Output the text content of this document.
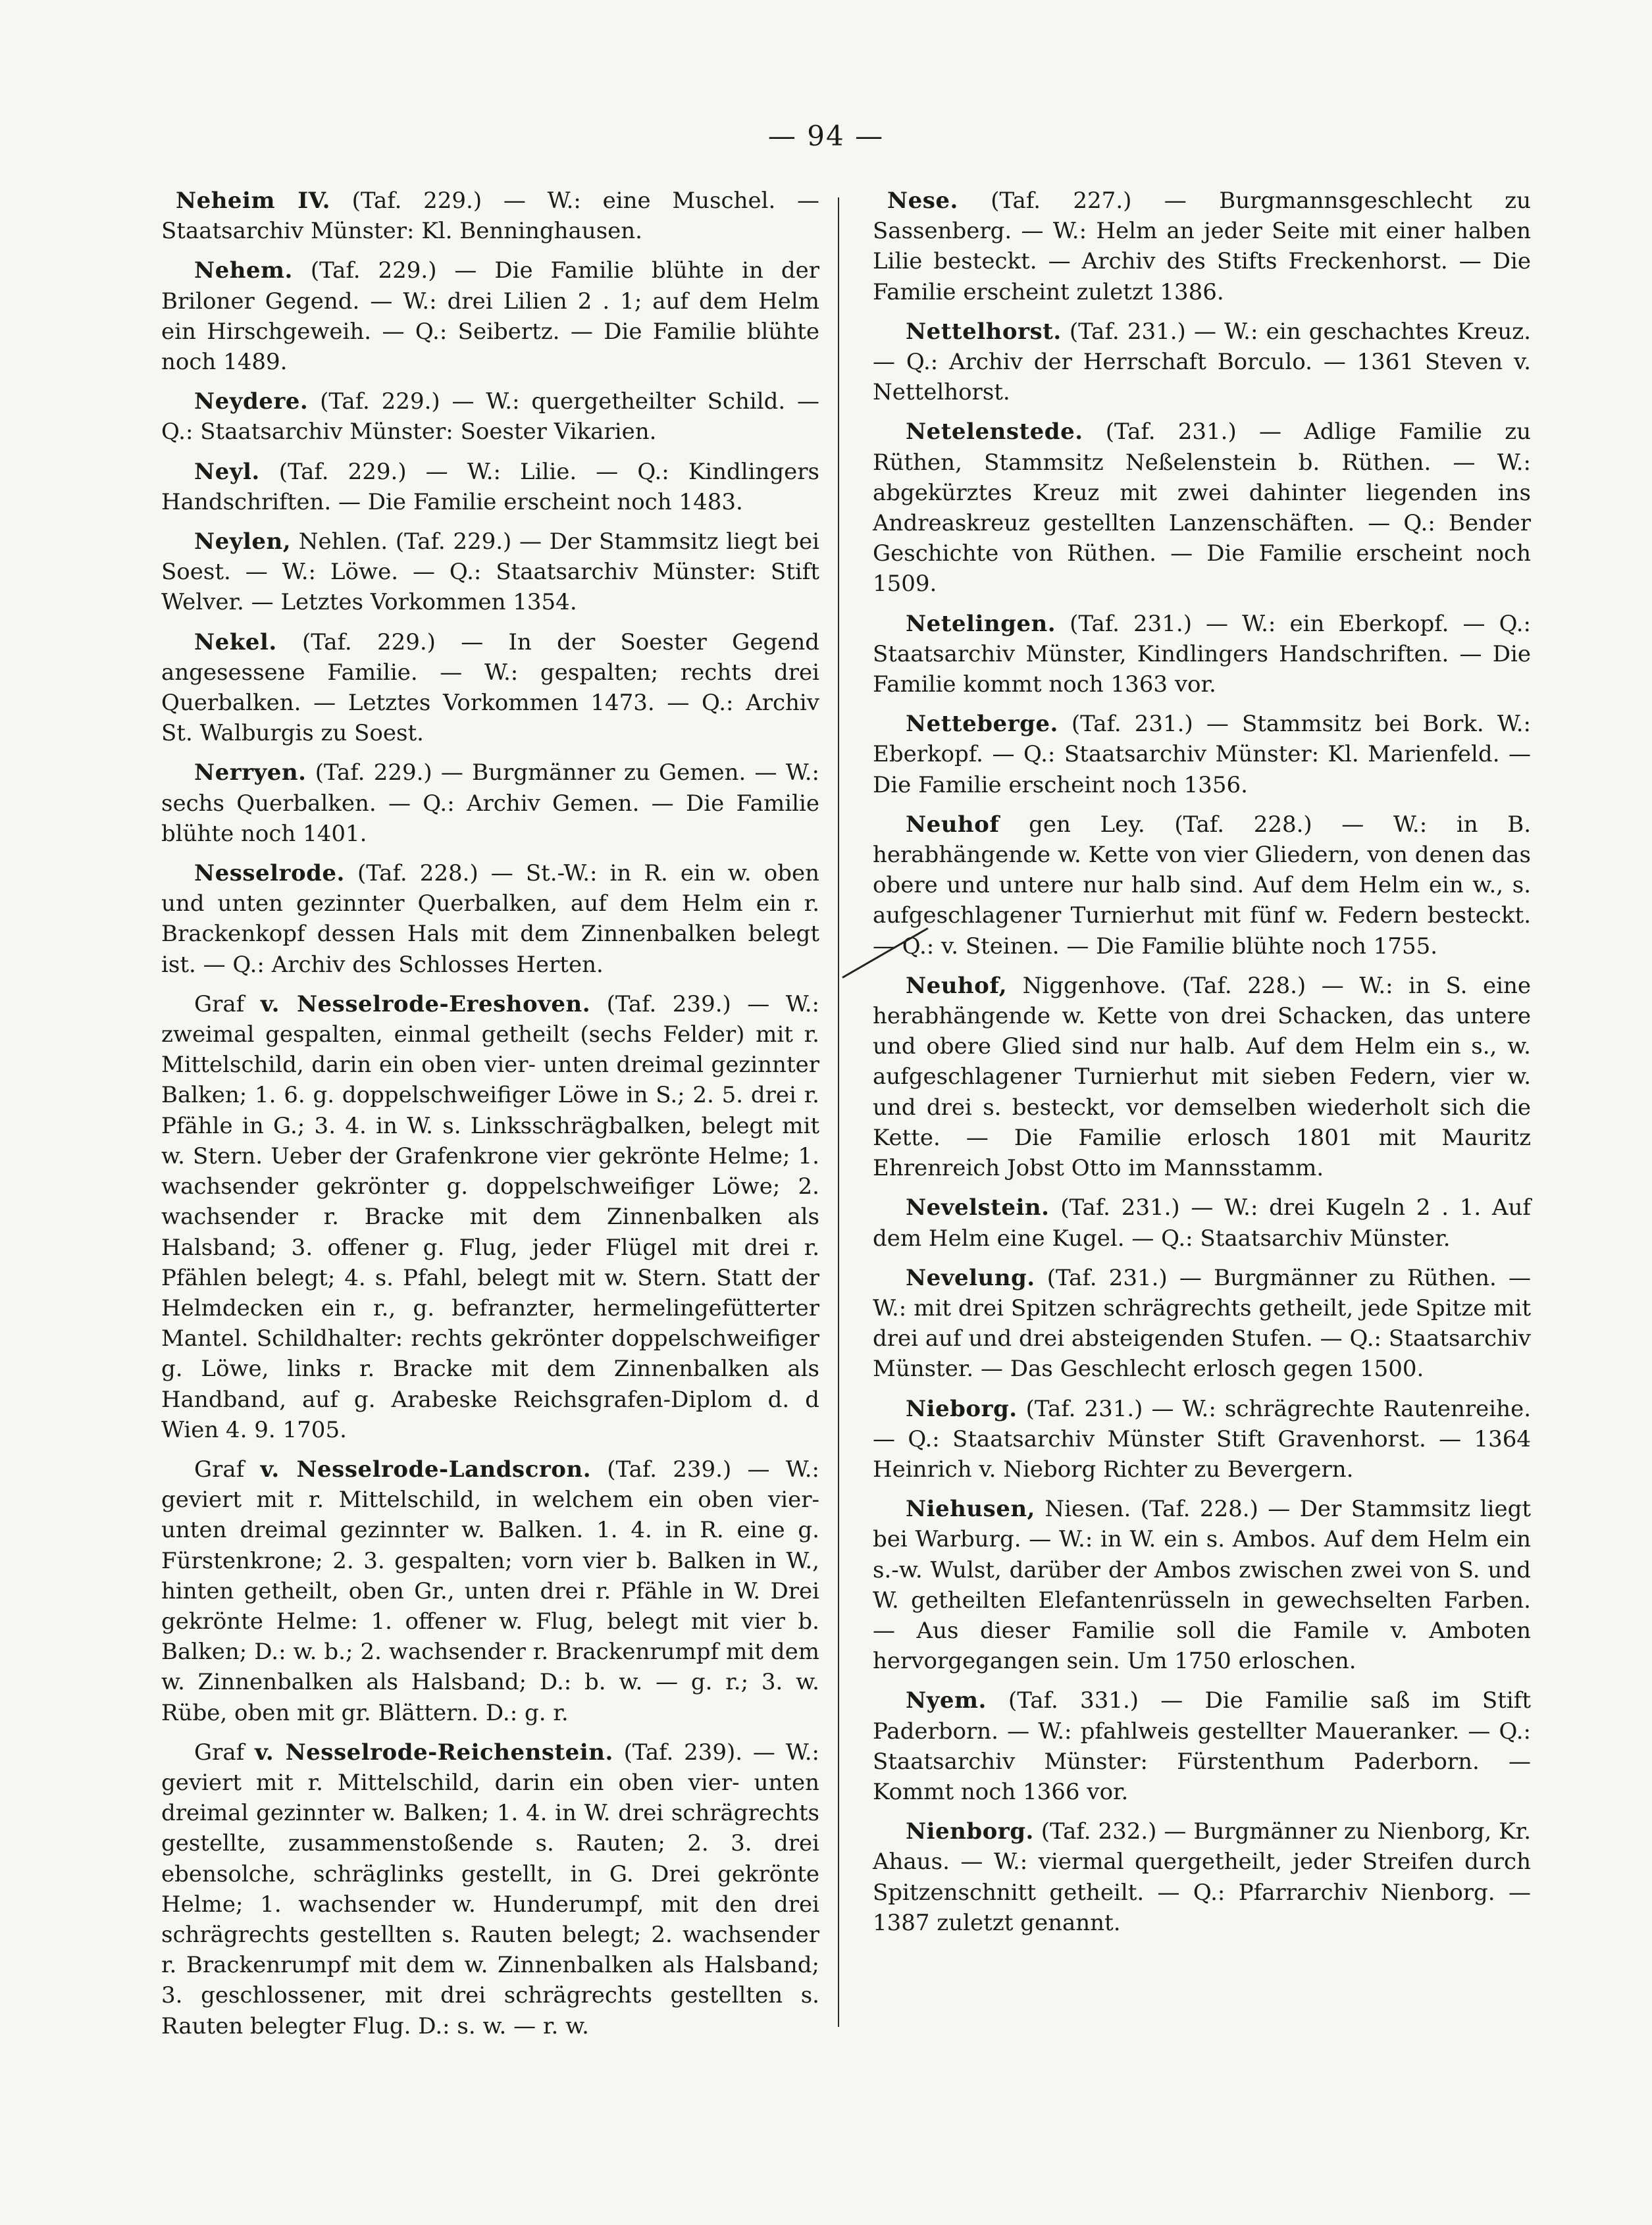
— 94 —

Neheim IV. (Taf. 229.) — W.: eine Muschel. — Staatsarchiv Münster: Kl. Benninghausen.

Nehem. (Taf. 229.) — Die Familie blühte in der Briloner Gegend. — W.: drei Lilien 2 . 1; auf dem Helm ein Hirschgeweih. — Q.: Seibertz. — Die Familie blühte noch 1489.

Neydere. (Taf. 229.) — W.: quergetheilter Schild. — Q.: Staatsarchiv Münster: Soester Vikarien.

Neyl. (Taf. 229.) — W.: Lilie. — Q.: Kindlingers Handschriften. — Die Familie erscheint noch 1483.

Neylen, Nehlen. (Taf. 229.) — Der Stammsitz liegt bei Soest. — W.: Löwe. — Q.: Staatsarchiv Münster: Stift Welver. — Letztes Vorkommen 1354.

Nekel. (Taf. 229.) — In der Soester Gegend angesessene Familie. — W.: gespalten; rechts drei Querbalken. — Letztes Vorkommen 1473. — Q.: Archiv St. Walburgis zu Soest.

Nerryen. (Taf. 229.) — Burgmänner zu Gemen. — W.: sechs Querbalken. — Q.: Archiv Gemen. — Die Familie blühte noch 1401.

Nesselrode. (Taf. 228.) — St.-W.: in R. ein w. oben und unten gezinnter Querbalken, auf dem Helm ein r. Brackenkopf dessen Hals mit dem Zinnenbalken belegt ist. — Q.: Archiv des Schlosses Herten.

Graf v. Nesselrode-Ereshoven. (Taf. 239.) — W.: zweimal gespalten, einmal getheilt (sechs Felder) mit r. Mittelschild, darin ein oben vier- unten dreimal gezinnter Balken; 1. 6. g. doppelschweifiger Löwe in S.; 2. 5. drei r. Pfähle in G.; 3. 4. in W. s. Linksschrägbalken, belegt mit w. Stern. Ueber der Grafenkrone vier gekrönte Helme; 1. wachsender gekrönter g. doppelschweifiger Löwe; 2. wachsender r. Bracke mit dem Zinnenbalken als Halsband; 3. offener g. Flug, jeder Flügel mit drei r. Pfählen belegt; 4. s. Pfahl, belegt mit w. Stern. Statt der Helmdecken ein r., g. befranzter, hermelingefütterter Mantel. Schildhalter: rechts gekrönter doppelschweifiger g. Löwe, links r. Bracke mit dem Zinnenbalken als Handband, auf g. Arabeske Reichsgrafen-Diplom d. d Wien 4. 9. 1705.

Graf v. Nesselrode-Landscron. (Taf. 239.) — W.: geviert mit r. Mittelschild, in welchem ein oben vier- unten dreimal gezinnter w. Balken. 1. 4. in R. eine g. Fürstenkrone; 2. 3. gespalten; vorn vier b. Balken in W., hinten getheilt, oben Gr., unten drei r. Pfähle in W. Drei gekrönte Helme: 1. offener w. Flug, belegt mit vier b. Balken; D.: w. b.; 2. wachsender r. Brackenrumpf mit dem w. Zinnenbalken als Halsband; D.: b. w. — g. r.; 3. w. Rübe, oben mit gr. Blättern. D.: g. r.

Graf v. Nesselrode-Reichenstein. (Taf. 239). — W.: geviert mit r. Mittelschild, darin ein oben vier- unten dreimal gezinnter w. Balken; 1. 4. in W. drei schrägrechts gestellte, zusammenstoßende s. Rauten; 2. 3. drei ebensolche, schräglinks gestellt, in G. Drei gekrönte Helme; 1. wachsender w. Hunderumpf, mit den drei schrägrechts gestellten s. Rauten belegt; 2. wachsender r. Brackenrumpf mit dem w. Zinnenbalken als Halsband; 3. geschlossener, mit drei schrägrechts gestellten s. Rauten belegter Flug. D.: s. w. — r. w.

Nese. (Taf. 227.) — Burgmannsgeschlecht zu Sassenberg. — W.: Helm an jeder Seite mit einer halben Lilie besteckt. — Archiv des Stifts Freckenhorst. — Die Familie erscheint zuletzt 1386.

Nettelhorst. (Taf. 231.) — W.: ein geschachtes Kreuz. — Q.: Archiv der Herrschaft Borculo. — 1361 Steven v. Nettelhorst.

Netelenstede. (Taf. 231.) — Adlige Familie zu Rüthen, Stammsitz Neßelenstein b. Rüthen. — W.: abgekürztes Kreuz mit zwei dahinter liegenden ins Andreaskreuz gestellten Lanzenschäften. — Q.: Bender Geschichte von Rüthen. — Die Familie erscheint noch 1509.

Netelingen. (Taf. 231.) — W.: ein Eberkopf. — Q.: Staatsarchiv Münster, Kindlingers Handschriften. — Die Familie kommt noch 1363 vor.

Netteberge. (Taf. 231.) — Stammsitz bei Bork. W.: Eberkopf. — Q.: Staatsarchiv Münster: Kl. Marienfeld. — Die Familie erscheint noch 1356.

Neuhof gen Ley. (Taf. 228.) — W.: in B. herabhängende w. Kette von vier Gliedern, von denen das obere und untere nur halb sind. Auf dem Helm ein w., s. aufgeschlagener Turnierhut mit fünf w. Federn besteckt. — Q.: v. Steinen. — Die Familie blühte noch 1755.

Neuhof, Niggenhove. (Taf. 228.) — W.: in S. eine herabhängende w. Kette von drei Schacken, das untere und obere Glied sind nur halb. Auf dem Helm ein s., w. aufgeschlagener Turnierhut mit sieben Federn, vier w. und drei s. besteckt, vor demselben wiederholt sich die Kette. — Die Familie erlosch 1801 mit Mauritz Ehrenreich Jobst Otto im Mannsstamm.

Nevelstein. (Taf. 231.) — W.: drei Kugeln 2 . 1. Auf dem Helm eine Kugel. — Q.: Staatsarchiv Münster.

Nevelung. (Taf. 231.) — Burgmänner zu Rüthen. — W.: mit drei Spitzen schrägrechts getheilt, jede Spitze mit drei auf und drei absteigenden Stufen. — Q.: Staatsarchiv Münster. — Das Geschlecht erlosch gegen 1500.

Nieborg. (Taf. 231.) — W.: schrägrechte Rautenreihe. — Q.: Staatsarchiv Münster Stift Gravenhorst. — 1364 Heinrich v. Nieborg Richter zu Bevergern.

Niehusen, Niesen. (Taf. 228.) — Der Stammsitz liegt bei Warburg. — W.: in W. ein s. Ambos. Auf dem Helm ein s.-w. Wulst, darüber der Ambos zwischen zwei von S. und W. getheilten Elefantenrüsseln in gewechselten Farben. — Aus dieser Familie soll die Famile v. Amboten hervorgegangen sein. Um 1750 erloschen.

Nyem. (Taf. 331.) — Die Familie saß im Stift Paderborn. — W.: pfahlweis gestellter Maueranker. — Q.: Staatsarchiv Münster: Fürstenthum Paderborn. — Kommt noch 1366 vor.

Nienborg. (Taf. 232.) — Burgmänner zu Nienborg, Kr. Ahaus. — W.: viermal quergetheilt, jeder Streifen durch Spitzenschnitt getheilt. — Q.: Pfarrarchiv Nienborg. — 1387 zuletzt genannt.
